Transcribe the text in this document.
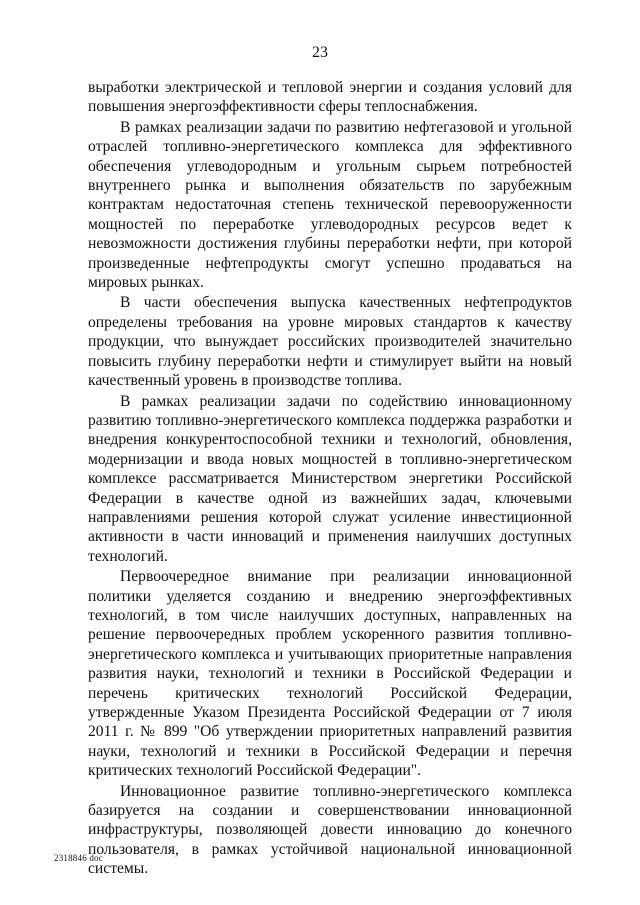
23

выработки электрической и тепловой энергии и создания условий для повышения энергоэффективности сферы теплоснабжения.

В рамках реализации задачи по развитию нефтегазовой и угольной отраслей топливно-энергетического комплекса для эффективного обеспечения углеводородным и угольным сырьем потребностей внутреннего рынка и выполнения обязательств по зарубежным контрактам недостаточная степень технической перевооруженности мощностей по переработке углеводородных ресурсов ведет к невозможности достижения глубины переработки нефти, при которой произведенные нефтепродукты смогут успешно продаваться на мировых рынках.

В части обеспечения выпуска качественных нефтепродуктов определены требования на уровне мировых стандартов к качеству продукции, что вынуждает российских производителей значительно повысить глубину переработки нефти и стимулирует выйти на новый качественный уровень в производстве топлива.

В рамках реализации задачи по содействию инновационному развитию топливно-энергетического комплекса поддержка разработки и внедрения конкурентоспособной техники и технологий, обновления, модернизации и ввода новых мощностей в топливно-энергетическом комплексе рассматривается Министерством энергетики Российской Федерации в качестве одной из важнейших задач, ключевыми направлениями решения которой служат усиление инвестиционной активности в части инноваций и применения наилучших доступных технологий.

Первоочередное внимание при реализации инновационной политики уделяется созданию и внедрению энергоэффективных технологий, в том числе наилучших доступных, направленных на решение первоочередных проблем ускоренного развития топливно-энергетического комплекса и учитывающих приоритетные направления развития науки, технологий и техники в Российской Федерации и перечень критических технологий Российской Федерации, утвержденные Указом Президента Российской Федерации от 7 июля 2011 г. № 899 "Об утверждении приоритетных направлений развития науки, технологий и техники в Российской Федерации и перечня критических технологий Российской Федерации".

Инновационное развитие топливно-энергетического комплекса базируется на создании и совершенствовании инновационной инфраструктуры, позволяющей довести инновацию до конечного пользователя, в рамках устойчивой национальной инновационной системы.

2318846 doc
